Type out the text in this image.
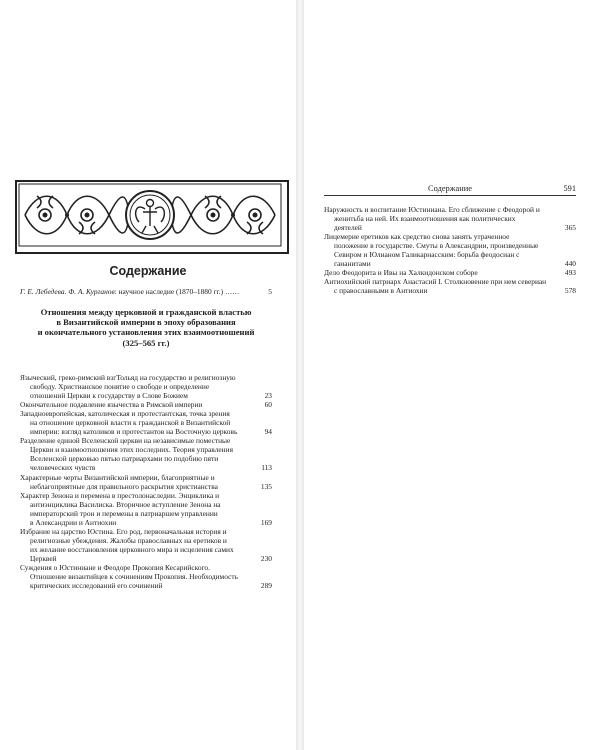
Содержание
Г. Е. Лебедева. Ф. А. Курганов: научное наследие (1870–1880 гг.) ......	5
Отношения между церковной и гражданской властью
в Византийской империи в эпоху образования
и окончательного установления этих взаимоотношений
(325–565 гг.)
Языческий, греко-римский взгТольяд на государство и религиозную
свободу. Христианское понятие о свободе и определение
отношений Церкви к государству в Слове Божием	23
Окончательное подавление язычества в Римской империи	60
Западноевропейская, католическая и протестантская, точка зрения
на отношение церковной власти к гражданской в Византийской
империи: взгляд католиков и протестантов на Восточную церковь	94
Разделение единой Вселенской церкви на независимые поместные
Церкви и взаимоотношения этих последних. Теория управления
Вселенской церковью пятью патриархами по подобию пяти
человеческих чувств	113
Характерные черты Византийской империи, благоприятные и
неблагоприятные для правильного раскрытия христианства	135
Характер Зенона и перемена в престолонаследии. Энциклика и
антиэнциклика Василиска. Вторичное вступление Зенона на
императорский трон и перемены в патриаршем управлении
в Александрии и Антиохии	169
Избрание на царство Юстина. Его род, первоначальная история и
религиозные убеждения. Жалобы православных на еретиков и
их желание восстановления церковного мира и исцеления самих
Церквей	230
Суждения о Юстиниане и Феодоре Прокопия Кесарийского.
Отношение византийцев к сочинениям Прокопия. Необходимость
критических исследований его сочинений	289
Содержание	591

Наружность и воспитание Юстиниана. Его сближение с Феодорой и
женитьба на ней. Их взаимоотношения как политических
деятелей	365
Лицемерие еретиков как средство снова занять утраченное
положение в государстве. Смуты в Александрии, произведенные
Севиром и Юлианом Галикарнасским: борьба феодосиан с
гаианитами	440
Дело Феодорита и Ивы на Халкидонском соборе	493
Антиохийский патриарх Анастасий I. Столкновение при нем севериан
с православными в Антиохии	578
